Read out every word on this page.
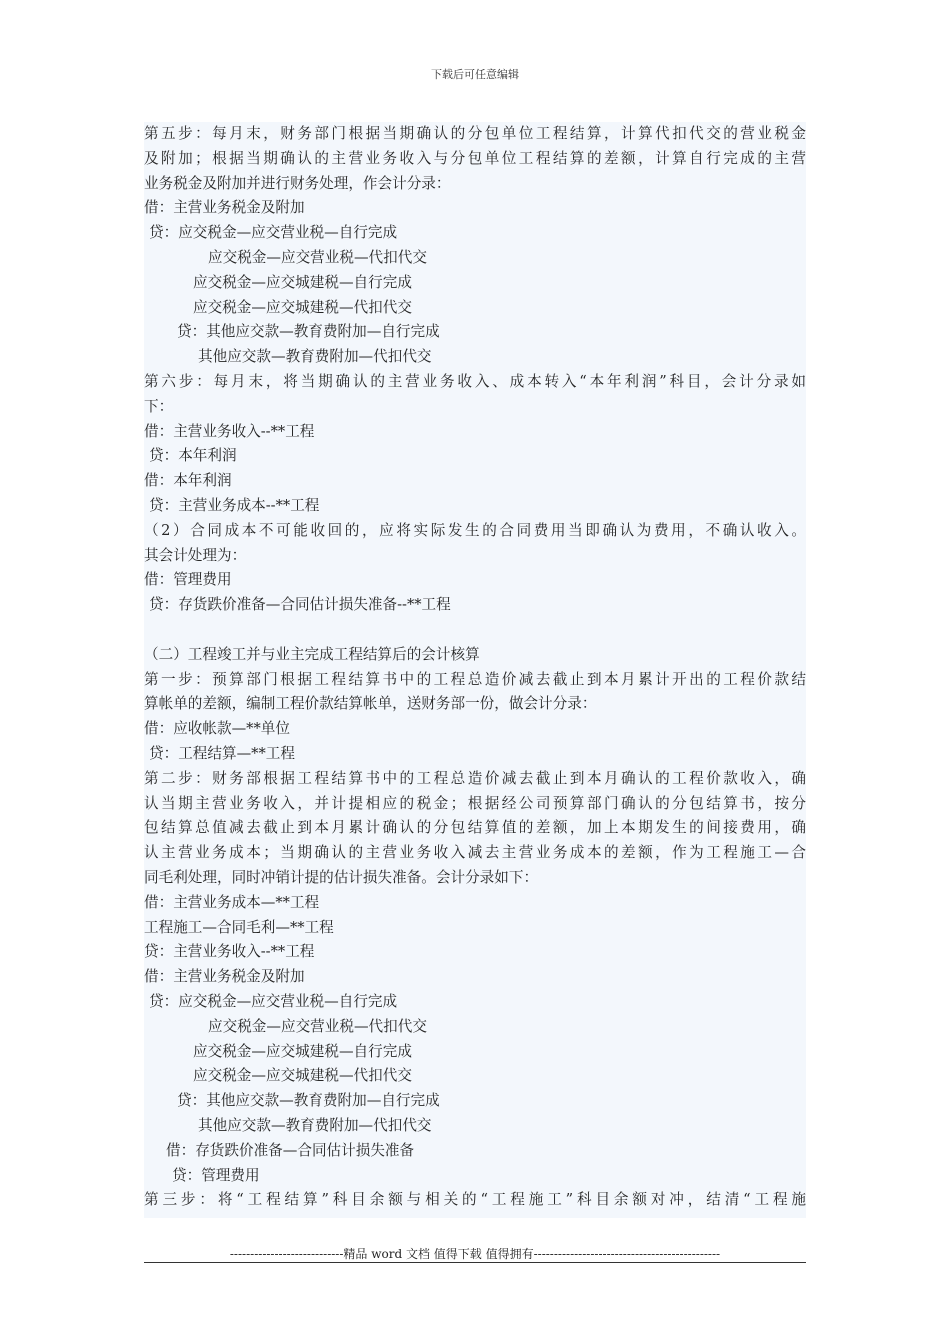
下载后可任意编辑
第五步：每月末，财务部门根据当期确认的分包单位工程结算，计算代扣代交的营业税金
及附加；根据当期确认的主营业务收入与分包单位工程结算的差额，计算自行完成的主营
业务税金及附加并进行财务处理，作会计分录：
借：主营业务税金及附加
贷：应交税金—应交营业税—自行完成
应交税金—应交营业税—代扣代交
应交税金—应交城建税—自行完成
应交税金—应交城建税—代扣代交
贷：其他应交款—教育费附加—自行完成
其他应交款—教育费附加—代扣代交
第六步：每月末，将当期确认的主营业务收入、成本转入“本年利润”科目，会计分录如
下：
借：主营业务收入--**工程
贷：本年利润
借：本年利润
贷：主营业务成本--**工程
（2）合同成本不可能收回的，应将实际发生的合同费用当即确认为费用，不确认收入。
其会计处理为：
借：管理费用
贷：存货跌价准备—合同估计损失准备--**工程
（二）工程竣工并与业主完成工程结算后的会计核算
第一步：预算部门根据工程结算书中的工程总造价减去截止到本月累计开出的工程价款结
算帐单的差额，编制工程价款结算帐单，送财务部一份，做会计分录：
借：应收帐款—**单位
贷：工程结算—**工程
第二步：财务部根据工程结算书中的工程总造价减去截止到本月确认的工程价款收入，确
认当期主营业务收入，并计提相应的税金；根据经公司预算部门确认的分包结算书，按分
包结算总值减去截止到本月累计确认的分包结算值的差额，加上本期发生的间接费用，确
认主营业务成本；当期确认的主营业务收入减去主营业务成本的差额，作为工程施工—合
同毛利处理，同时冲销计提的估计损失准备。会计分录如下：
借：主营业务成本—**工程
工程施工—合同毛利—**工程
贷：主营业务收入--**工程
借：主营业务税金及附加
贷：应交税金—应交营业税—自行完成
应交税金—应交营业税—代扣代交
应交税金—应交城建税—自行完成
应交税金—应交城建税—代扣代交
贷：其他应交款—教育费附加—自行完成
其他应交款—教育费附加—代扣代交
借：存货跌价准备—合同估计损失准备
贷：管理费用
第三步：将“工程结算”科目余额与相关的“工程施工”科目余额对冲，结清“工程施
----------------------------精品 word 文档 值得下载 值得拥有----------------------------------------------
